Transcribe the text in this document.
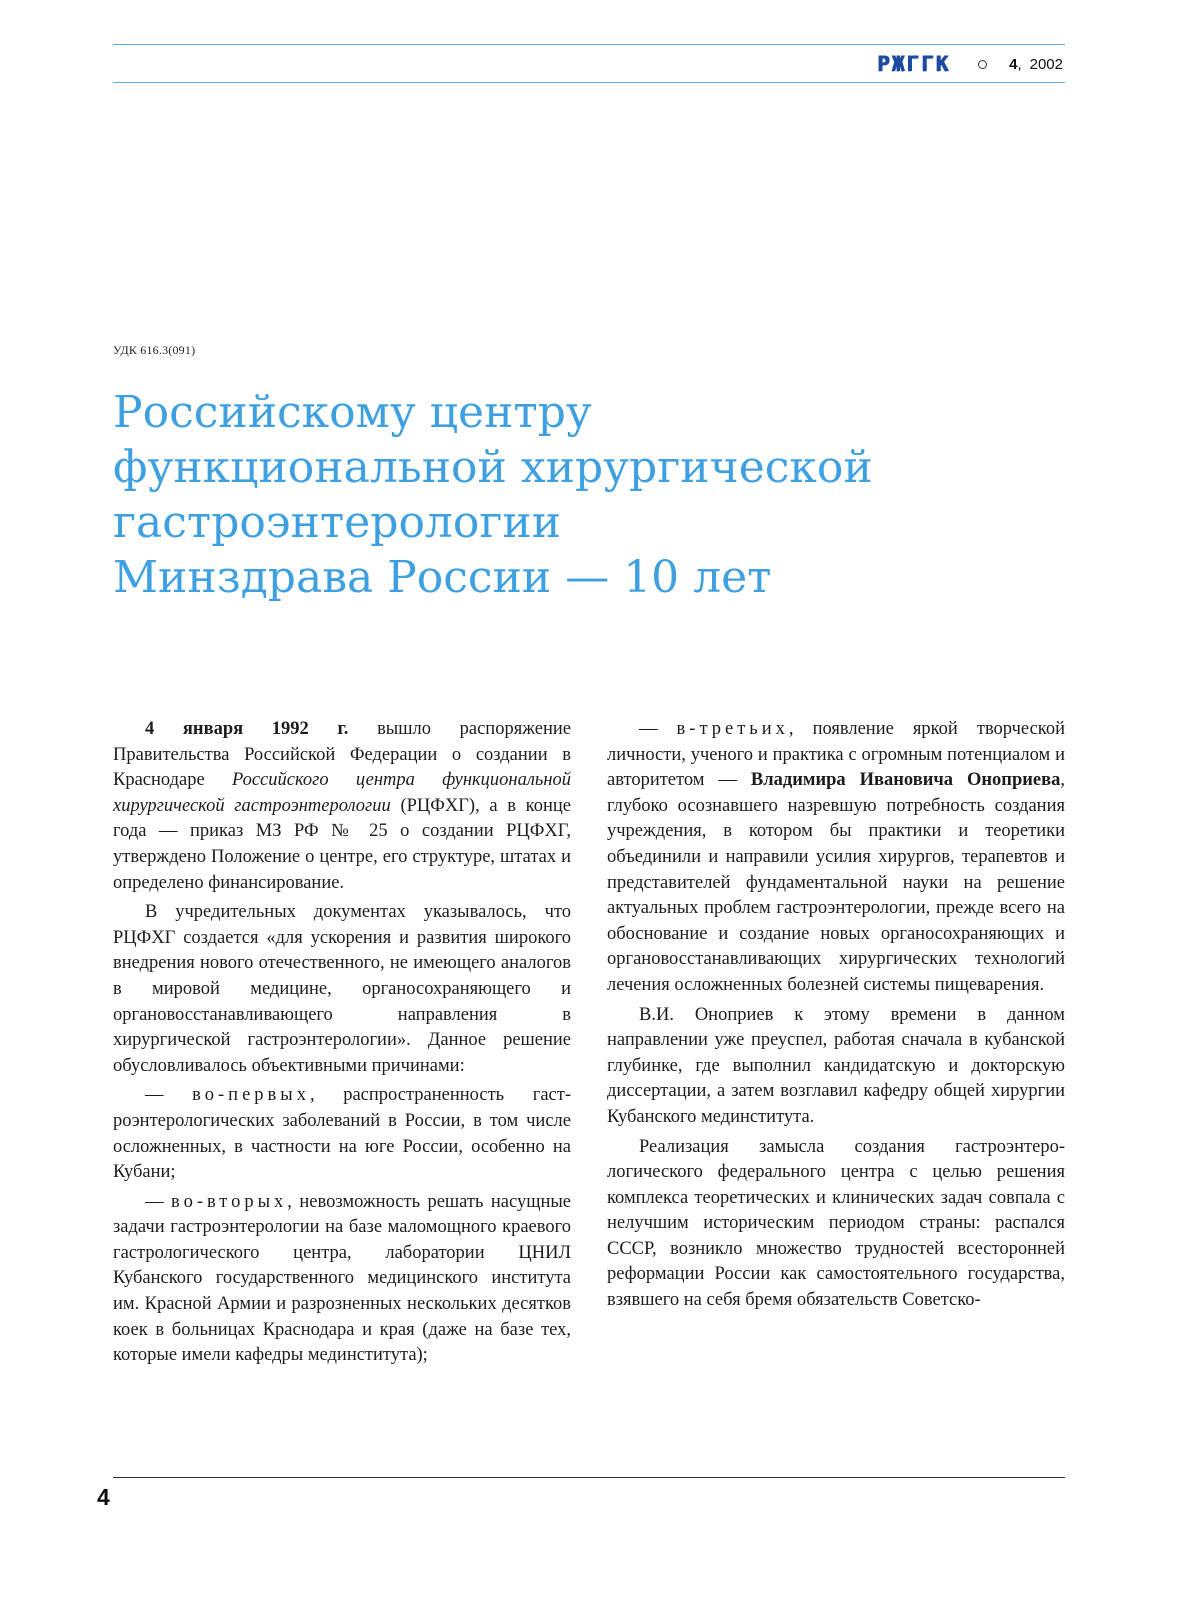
РЖГГК	4 , 2002
УДК 616.3(091)
Российскому центру
функциональной хирургической
гастроэнтерологии
Минздрава России — 10 лет

4 января 1992 г. вышло распоряжение Правительства Российской Федерации о создании в Краснодаре Российского центра функциональной хирургической гастроэнтерологии (РЦФХГ), а в конце года — приказ МЗ РФ № 25 о создании РЦФХГ, утверждено Положение о центре, его структуре, штатах и определено финансирование.

В учредительных документах указывалось, что РЦФХГ создается «для ускорения и развития широкого внедрения нового отечественного, не имеющего аналогов в мировой медицине, органосохраняющего и органовосстанавливающего направления в хирургической гастроэнтерологии». Данное решение обусловливалось объективными причинами:

— во-первых, распространенность гастроэнтерологических заболеваний в России, в том числе осложненных, в частности на юге России, особенно на Кубани;

— во-вторых, невозможность решать насущные задачи гастроэнтерологии на базе маломощного краевого гастрологического центра, лаборатории ЦНИЛ Кубанского государственного медицинского института им. Красной Армии и разрозненных нескольких десятков коек в больницах Краснодара и края (даже на базе тех, которые имели кафедры мединститута);

— в-третьих, появление яркой творческой личности, ученого и практика с огромным потенциалом и авторитетом — Владимира Ивановича Оноприева, глубоко осознавшего назревшую потребность создания учреждения, в котором бы практики и теоретики объединили и направили усилия хирургов, терапевтов и представителей фундаментальной науки на решение актуальных проблем гастроэнтерологии, прежде всего на обоснование и создание новых органосохраняющих и органовосстанавливающих хирургических технологий лечения осложненных болезней системы пищеварения.

В.И. Оноприев к этому времени в данном направлении уже преуспел, работая сначала в кубанской глубинке, где выполнил кандидатскую и докторскую диссертации, а затем возглавил кафедру общей хирургии Кубанского мединститута.

Реализация замысла создания гастроэнтерологического федерального центра с целью решения комплекса теоретических и клинических задач совпала с нелучшим историческим периодом страны: распался СССР, возникло множество трудностей всесторонней реформации России как самостоятельного государства, взявшего на себя бремя обязательств Советско-

4
